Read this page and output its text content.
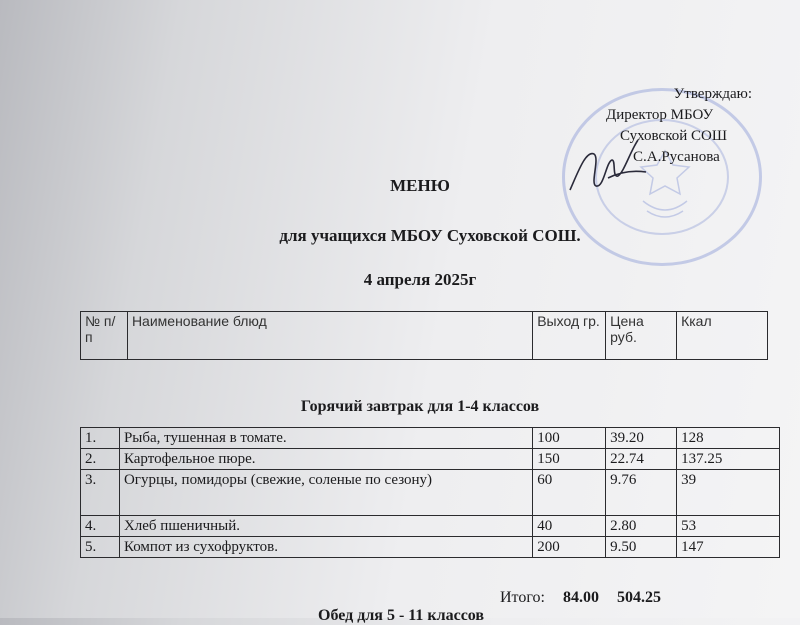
Утверждаю:
Директор МБОУ
Суховской СОШ
С.А.Русанова
МЕНЮ
для учащихся МБОУ Суховской СОШ.
4 апреля 2025г
№ п/п	Наименование блюд	Выход гр.	Цена руб.	Ккал
Горячий завтрак для 1-4 классов
1.	Рыба, тушенная в томате.	100	39.20	128
2.	Картофельное пюре.	150	22.74	137.25
3.	Огурцы, помидоры (свежие, соленые по сезону)	60	9.76	39
4.	Хлеб пшеничный.	40	2.80	53
5.	Компот из сухофруктов.	200	9.50	147
Итого: 84.00 504.25
Обед для 5 - 11 классов
